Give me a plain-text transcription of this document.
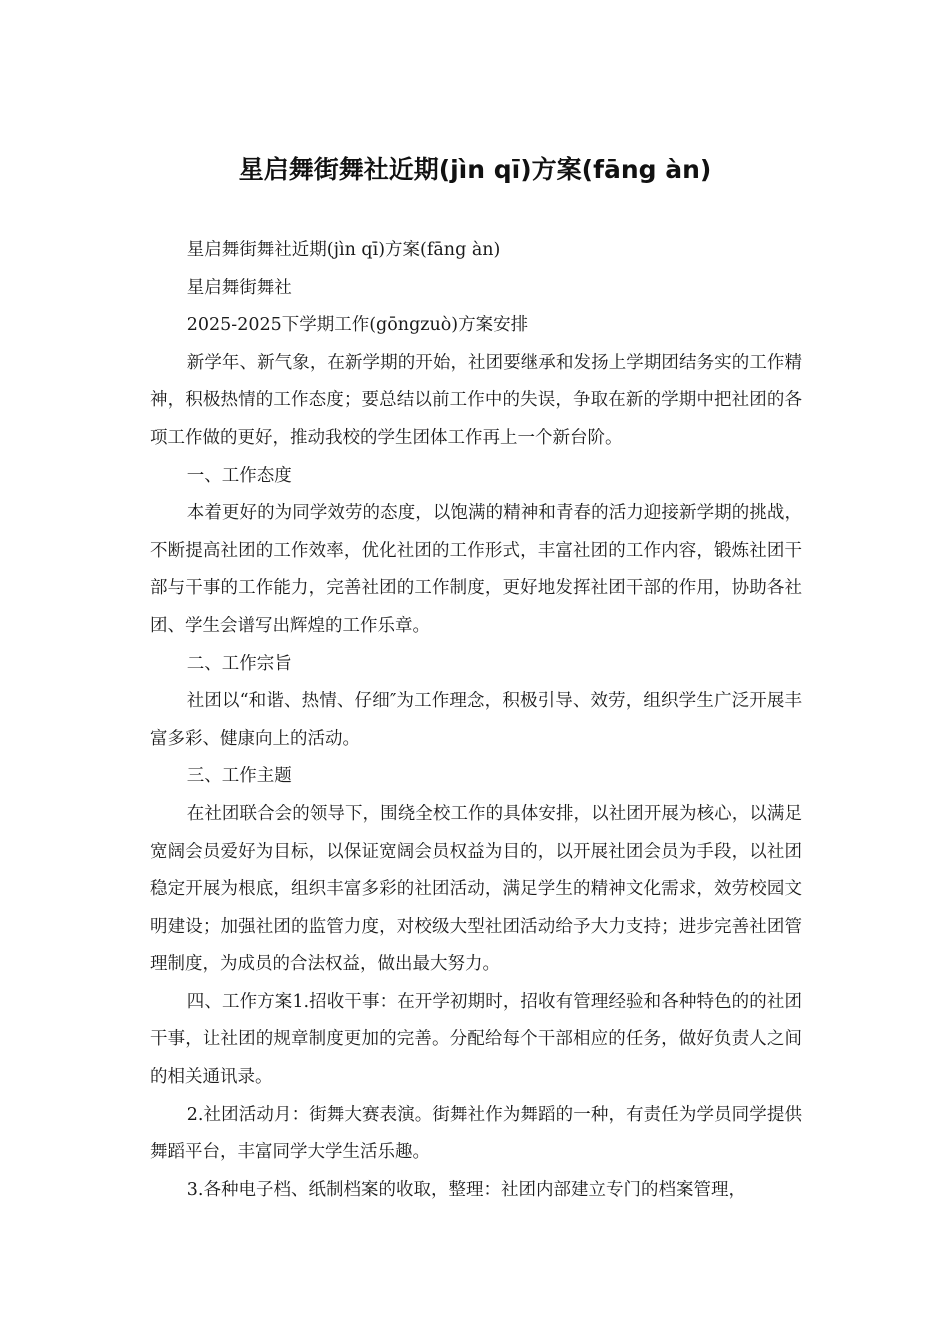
星启舞街舞社近期(jìn qī)方案(fāng àn)

星启舞街舞社近期(jìn qī)方案(fāng àn)

星启舞街舞社

2025-2025下学期工作(gōngzuò)方案安排

新学年、新气象，在新学期的开始，社团要继承和发扬上学期团结务实的工作精神，积极热情的工作态度；要总结以前工作中的失误，争取在新的学期中把社团的各项工作做的更好，推动我校的学生团体工作再上一个新台阶。

一、工作态度

本着更好的为同学效劳的态度，以饱满的精神和青春的活力迎接新学期的挑战，不断提高社团的工作效率，优化社团的工作形式，丰富社团的工作内容，锻炼社团干部与干事的工作能力，完善社团的工作制度，更好地发挥社团干部的作用，协助各社团、学生会谱写出辉煌的工作乐章。

二、工作宗旨

社团以“和谐、热情、仔细″为工作理念，积极引导、效劳，组织学生广泛开展丰富多彩、健康向上的活动。

三、工作主题

在社团联合会的领导下，围绕全校工作的具体安排，以社团开展为核心，以满足宽阔会员爱好为目标，以保证宽阔会员权益为目的，以开展社团会员为手段，以社团稳定开展为根底，组织丰富多彩的社团活动，满足学生的精神文化需求，效劳校园文明建设；加强社团的监管力度，对校级大型社团活动给予大力支持；进步完善社团管理制度，为成员的合法权益，做出最大努力。

四、工作方案1.招收干事：在开学初期时，招收有管理经验和各种特色的的社团干事，让社团的规章制度更加的完善。分配给每个干部相应的任务，做好负责人之间的相关通讯录。

2.社团活动月：街舞大赛表演。街舞社作为舞蹈的一种，有责任为学员同学提供舞蹈平台，丰富同学大学生活乐趣。

3.各种电子档、纸制档案的收取，整理：社团内部建立专门的档案管理，
